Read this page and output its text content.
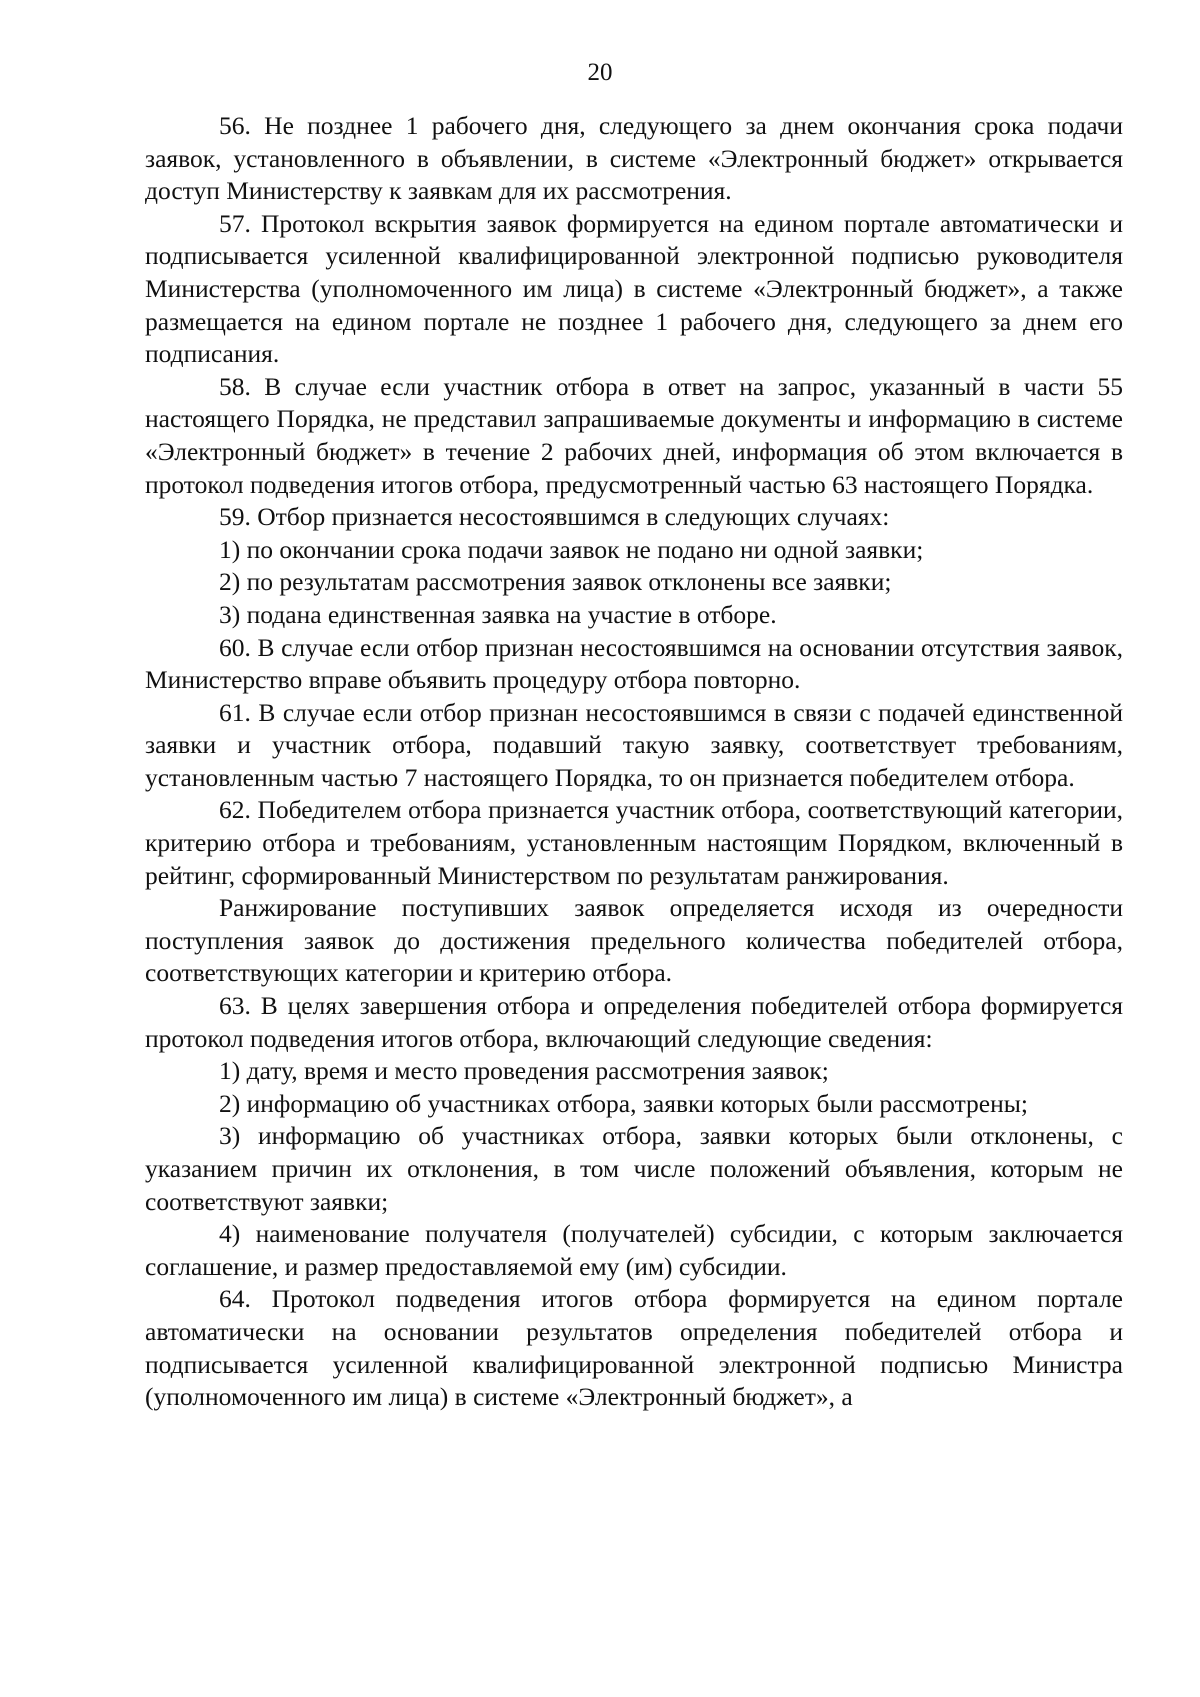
20

56. Не позднее 1 рабочего дня, следующего за днем окончания срока подачи заявок, установленного в объявлении, в системе «Электронный бюджет» открывается доступ Министерству к заявкам для их рассмотрения.

57. Протокол вскрытия заявок формируется на едином портале автоматически и подписывается усиленной квалифицированной электронной подписью руководителя Министерства (уполномоченного им лица) в системе «Электронный бюджет», а также размещается на едином портале не позднее 1 рабочего дня, следующего за днем его подписания.

58. В случае если участник отбора в ответ на запрос, указанный в части 55 настоящего Порядка, не представил запрашиваемые документы и информацию в системе «Электронный бюджет» в течение 2 рабочих дней, информация об этом включается в протокол подведения итогов отбора, предусмотренный частью 63 настоящего Порядка.

59. Отбор признается несостоявшимся в следующих случаях:

1) по окончании срока подачи заявок не подано ни одной заявки;

2) по результатам рассмотрения заявок отклонены все заявки;

3) подана единственная заявка на участие в отборе.

60. В случае если отбор признан несостоявшимся на основании отсутствия заявок, Министерство вправе объявить процедуру отбора повторно.

61. В случае если отбор признан несостоявшимся в связи с подачей единственной заявки и участник отбора, подавший такую заявку, соответствует требованиям, установленным частью 7 настоящего Порядка, то он признается победителем отбора.

62. Победителем отбора признается участник отбора, соответствующий категории, критерию отбора и требованиям, установленным настоящим Порядком, включенный в рейтинг, сформированный Министерством по результатам ранжирования.

Ранжирование поступивших заявок определяется исходя из очередности поступления заявок до достижения предельного количества победителей отбора, соответствующих категории и критерию отбора.

63. В целях завершения отбора и определения победителей отбора формируется протокол подведения итогов отбора, включающий следующие сведения:

1) дату, время и место проведения рассмотрения заявок;

2) информацию об участниках отбора, заявки которых были рассмотрены;

3) информацию об участниках отбора, заявки которых были отклонены, с указанием причин их отклонения, в том числе положений объявления, которым не соответствуют заявки;

4) наименование получателя (получателей) субсидии, с которым заключается соглашение, и размер предоставляемой ему (им) субсидии.

64. Протокол подведения итогов отбора формируется на едином портале автоматически на основании результатов определения победителей отбора и подписывается усиленной квалифицированной электронной подписью Министра (уполномоченного им лица) в системе «Электронный бюджет», а
